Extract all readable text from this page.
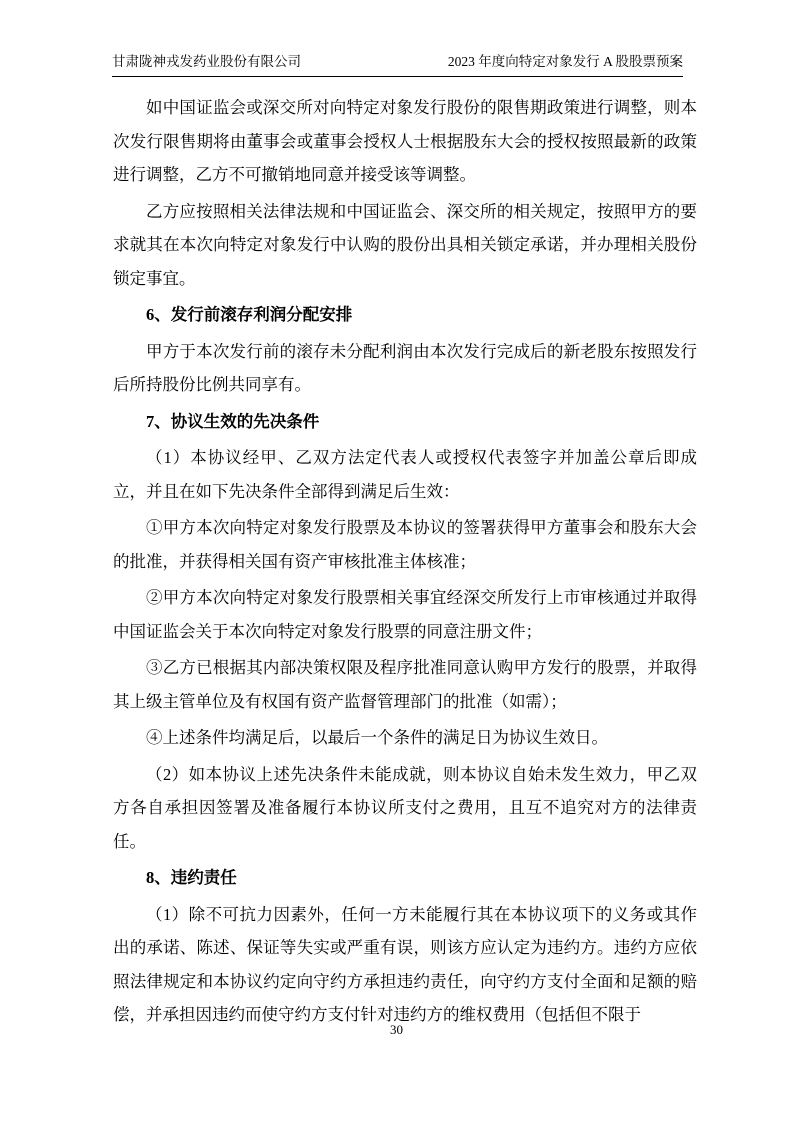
甘肃陇神戎发药业股份有限公司	2023 年度向特定对象发行 A 股股票预案

如中国证监会或深交所对向特定对象发行股份的限售期政策进行调整，则本次发行限售期将由董事会或董事会授权人士根据股东大会的授权按照最新的政策进行调整，乙方不可撤销地同意并接受该等调整。

乙方应按照相关法律法规和中国证监会、深交所的相关规定，按照甲方的要求就其在本次向特定对象发行中认购的股份出具相关锁定承诺，并办理相关股份锁定事宜。

6、发行前滚存利润分配安排

甲方于本次发行前的滚存未分配利润由本次发行完成后的新老股东按照发行后所持股份比例共同享有。

7、协议生效的先决条件

（1）本协议经甲、乙双方法定代表人或授权代表签字并加盖公章后即成立，并且在如下先决条件全部得到满足后生效：

①甲方本次向特定对象发行股票及本协议的签署获得甲方董事会和股东大会的批准，并获得相关国有资产审核批准主体核准；

②甲方本次向特定对象发行股票相关事宜经深交所发行上市审核通过并取得中国证监会关于本次向特定对象发行股票的同意注册文件；

③乙方已根据其内部决策权限及程序批准同意认购甲方发行的股票，并取得其上级主管单位及有权国有资产监督管理部门的批准（如需）；

④上述条件均满足后，以最后一个条件的满足日为协议生效日。

（2）如本协议上述先决条件未能成就，则本协议自始未发生效力，甲乙双方各自承担因签署及准备履行本协议所支付之费用，且互不追究对方的法律责任。

8、违约责任

（1）除不可抗力因素外，任何一方未能履行其在本协议项下的义务或其作出的承诺、陈述、保证等失实或严重有误，则该方应认定为违约方。违约方应依照法律规定和本协议约定向守约方承担违约责任，向守约方支付全面和足额的赔偿，并承担因违约而使守约方支付针对违约方的维权费用（包括但不限于

30
